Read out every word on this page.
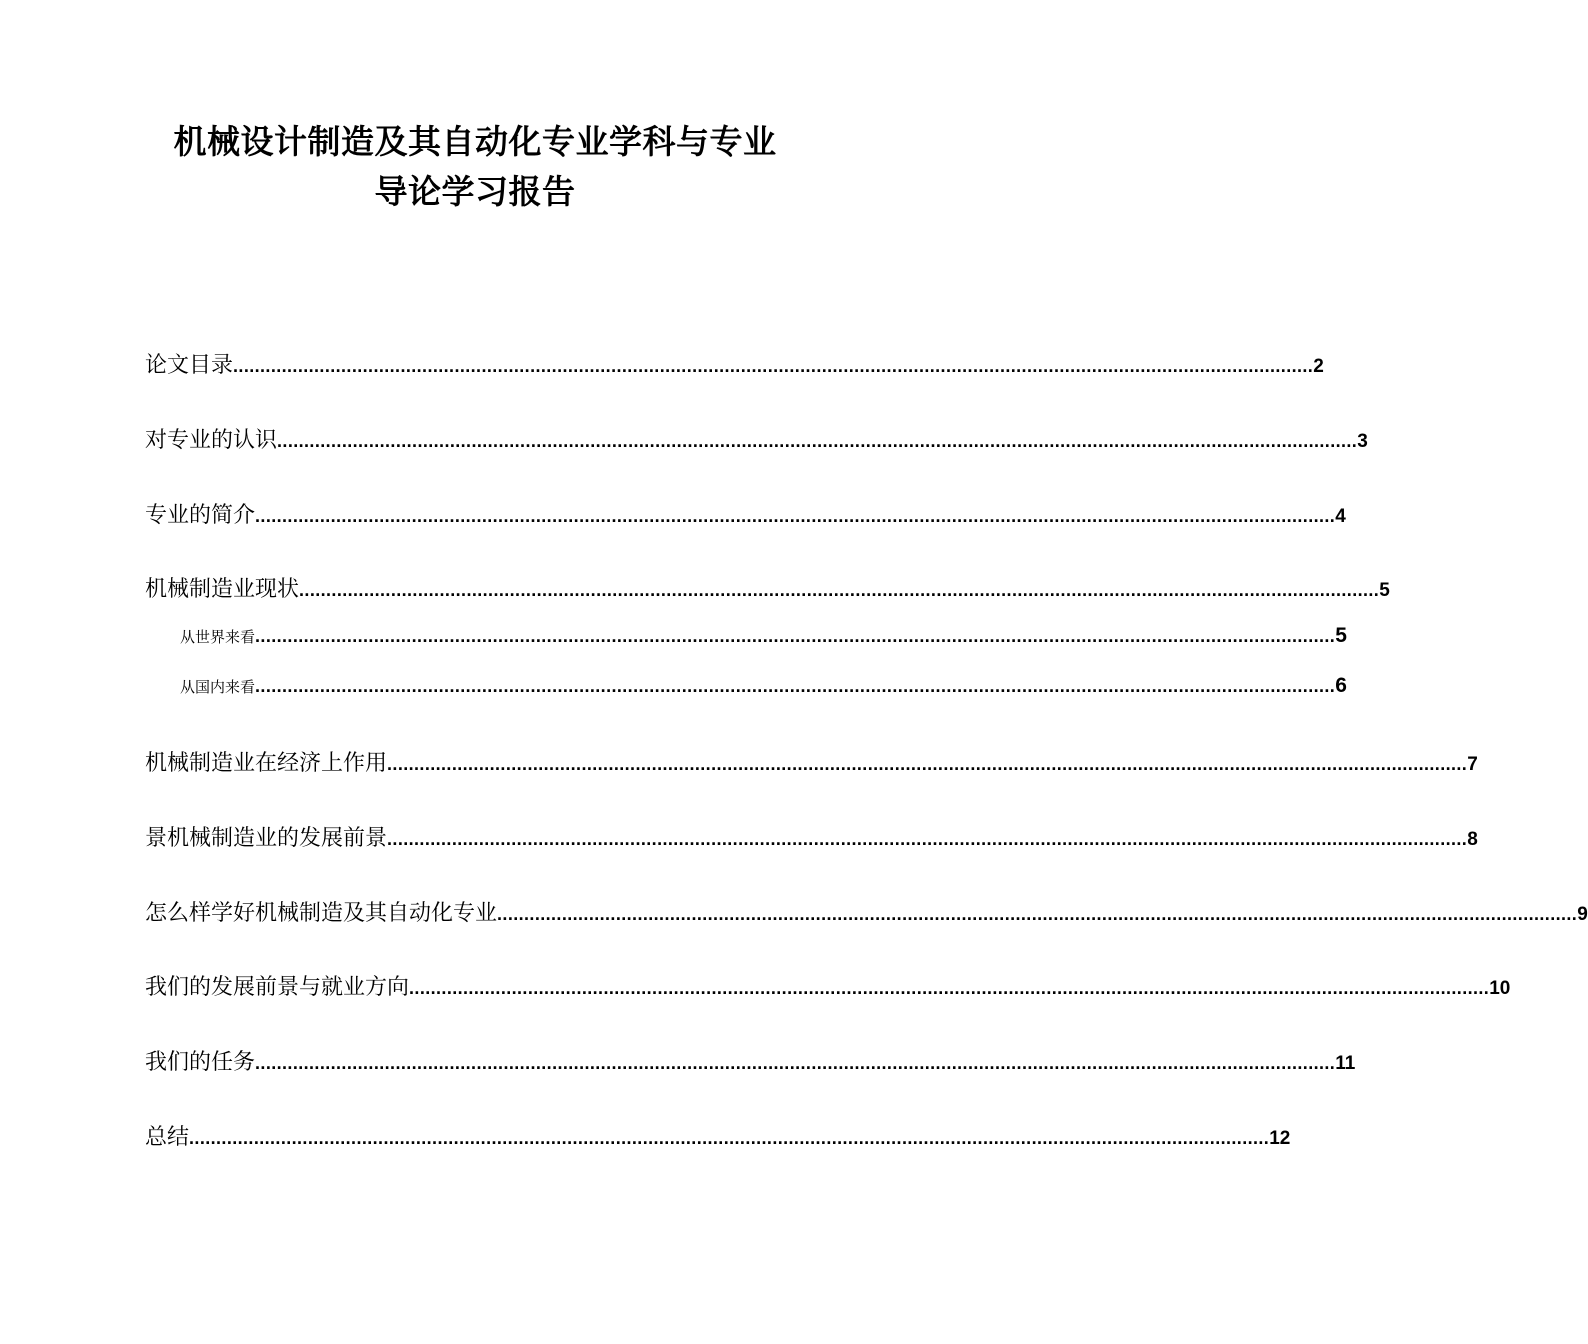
机械设计制造及其自动化专业学科与专业
导论学习报告
论文目录 ........................................................................................................................................................................................................ 2
对专业的认识 ........................................................................................................................................................................................................ 3
专业的简介 ........................................................................................................................................................................................................ 4
机械制造业现状 ........................................................................................................................................................................................................ 5
从世界来看 ........................................................................................................................................................................................................ 5
从国内来看 ........................................................................................................................................................................................................ 6
机械制造业在经济上作用 ........................................................................................................................................................................................................ 7
景机械制造业的发展前景 ........................................................................................................................................................................................................ 8
怎么样学好机械制造及其自动化专业 ........................................................................................................................................................................................................ 9
我们的发展前景与就业方向 ........................................................................................................................................................................................................ 10
我们的任务 ........................................................................................................................................................................................................ 11
总结 ........................................................................................................................................................................................................ 12
